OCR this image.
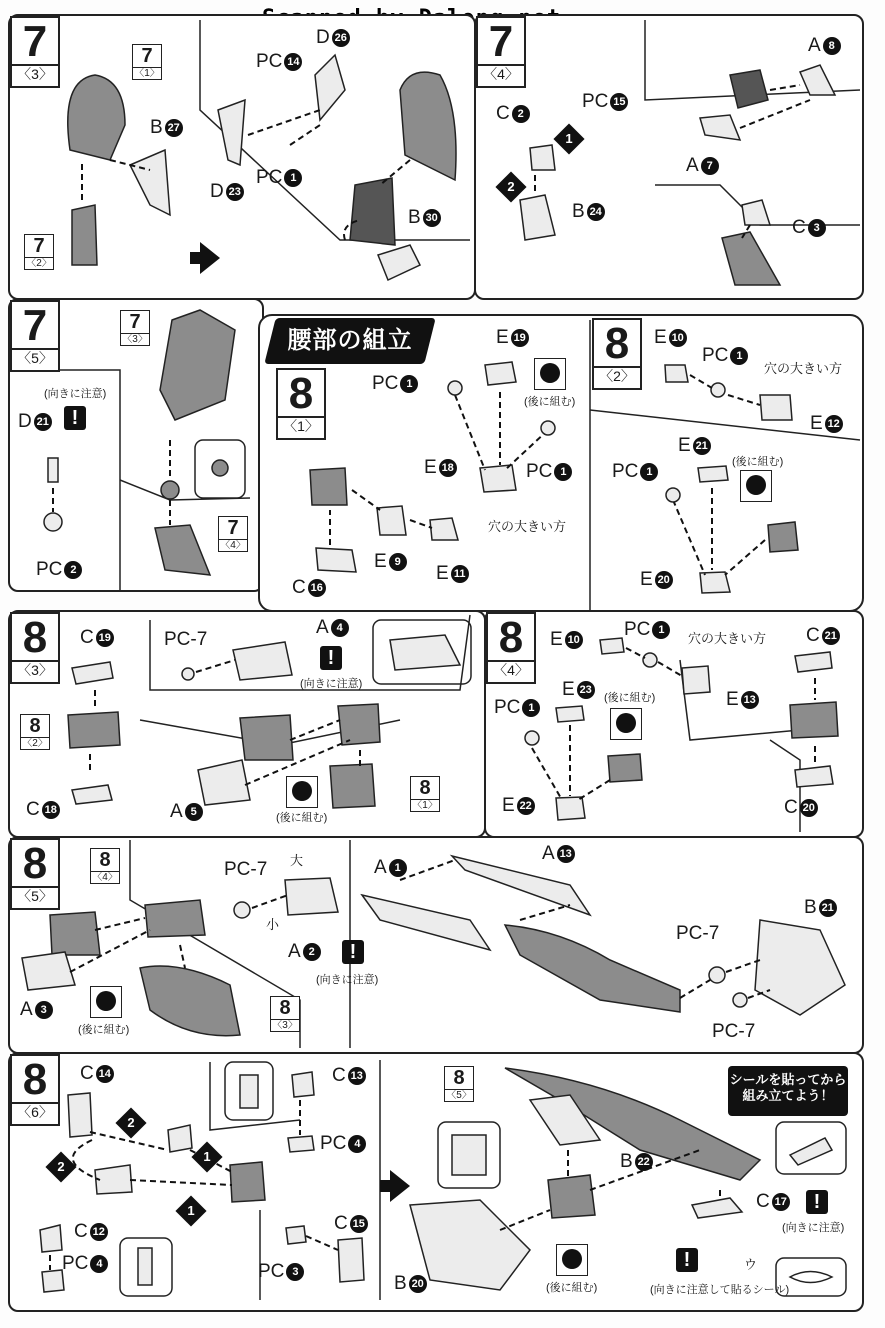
7
〈3〉
7
〈4〉
7
〈5〉
8
〈1〉
8
〈2〉
8
〈3〉
8
〈4〉
8
〈5〉
8
〈6〉
7
〈1〉
7
〈2〉
7
〈3〉
7
〈4〉
8
〈2〉
8
〈1〉
8
〈4〉
8
〈3〉
8
〈5〉
腰部の組立
シールを貼ってから組み立てよう！
1
2
2
1
2
1
!
!
!
!
!
(向きに注意)
(後に組む)
穴の大きい方
穴の大きい方
(後に組む)
(向きに注意)
(後に組む)
穴の大きい方
(後に組む)
大
小
(向きに注意)
(後に組む)
(後に組む)
(向きに注意)
(向きに注意して貼るシール)
ウ
B 27
D 26
PC 14
D 23
PC 1
B 30
C 2
PC 15
B 24
A 8
A 7
C 3
D 21
PC 2
PC 1
E 19
E 18	PC 1
E 9
E 11
C 16
E 10
PC 1
E 12
E 21
PC 1
E 20
C 19
C 18
PC-7
A 4
A 5
E 10 PC 1
E 13
E 23
PC 1
E 22
C 21
C 20
PC-7
A 2
A 3
A 1
A 13
PC-7
PC-7
B 21
C 14	C 13
PC 4
C 12
PC 4	PC 3
C 15
B 22
B 20
C 17
